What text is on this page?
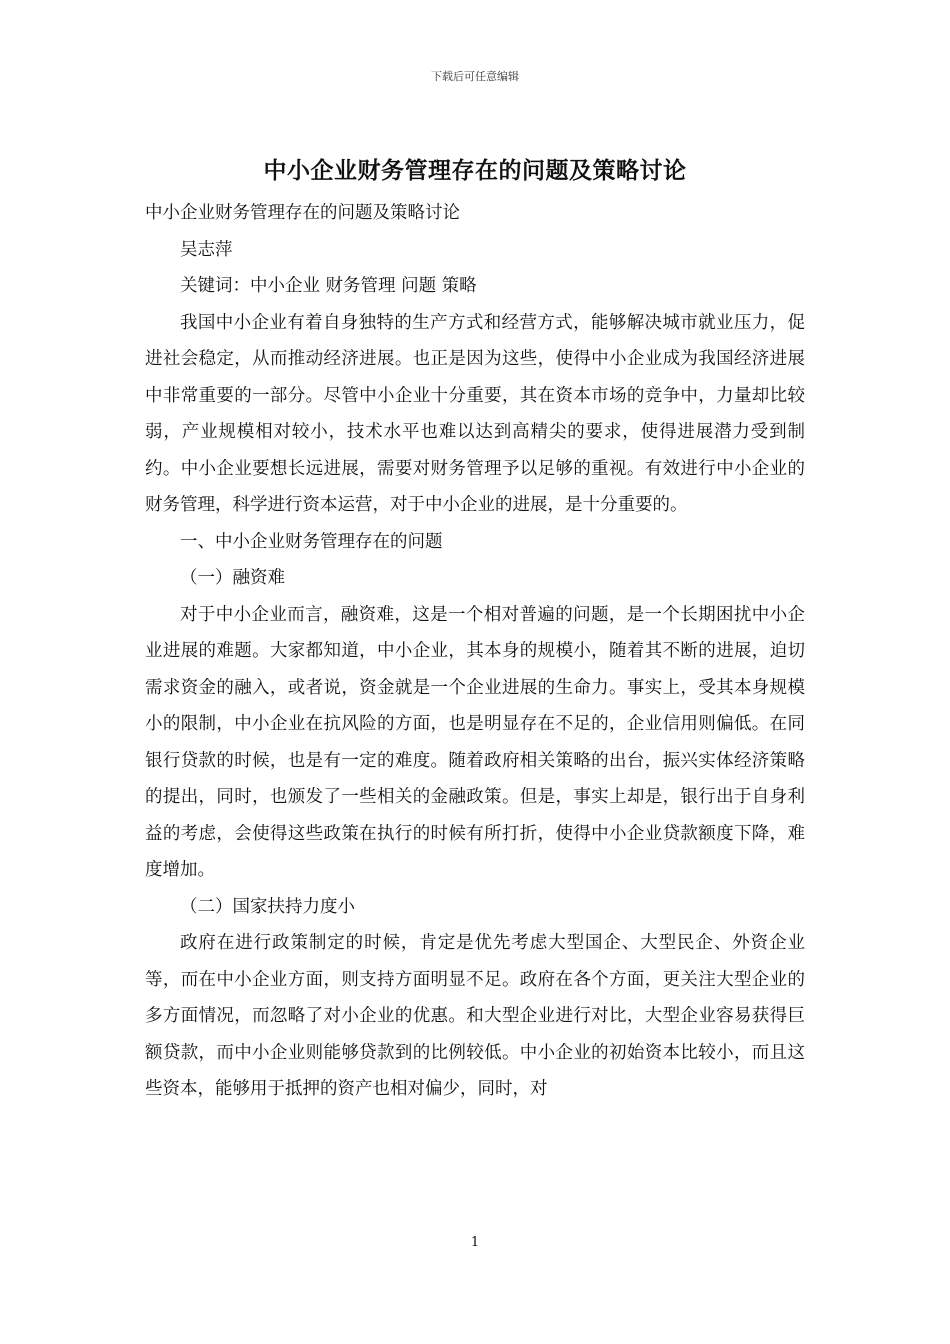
下载后可任意编辑
中小企业财务管理存在的问题及策略讨论

中小企业财务管理存在的问题及策略讨论

吴志萍

关键词：中小企业 财务管理 问题 策略

我国中小企业有着自身独特的生产方式和经营方式，能够解决城市就业压力，促进社会稳定，从而推动经济进展。也正是因为这些，使得中小企业成为我国经济进展中非常重要的一部分。尽管中小企业十分重要，其在资本市场的竞争中，力量却比较弱，产业规模相对较小，技术水平也难以达到高精尖的要求，使得进展潜力受到制约。中小企业要想长远进展，需要对财务管理予以足够的重视。有效进行中小企业的财务管理，科学进行资本运营，对于中小企业的进展，是十分重要的。

一、中小企业财务管理存在的问题

（一）融资难

对于中小企业而言，融资难，这是一个相对普遍的问题，是一个长期困扰中小企业进展的难题。大家都知道，中小企业，其本身的规模小，随着其不断的进展，迫切需求资金的融入，或者说，资金就是一个企业进展的生命力。事实上，受其本身规模小的限制，中小企业在抗风险的方面，也是明显存在不足的，企业信用则偏低。在同银行贷款的时候，也是有一定的难度。随着政府相关策略的出台，振兴实体经济策略的提出，同时，也颁发了一些相关的金融政策。但是，事实上却是，银行出于自身利益的考虑，会使得这些政策在执行的时候有所打折，使得中小企业贷款额度下降，难度增加。

（二）国家扶持力度小

政府在进行政策制定的时候，肯定是优先考虑大型国企、大型民企、外资企业等，而在中小企业方面，则支持方面明显不足。政府在各个方面，更关注大型企业的多方面情况，而忽略了对小企业的优惠。和大型企业进行对比，大型企业容易获得巨额贷款，而中小企业则能够贷款到的比例较低。中小企业的初始资本比较小，而且这些资本，能够用于抵押的资产也相对偏少，同时，对

1
